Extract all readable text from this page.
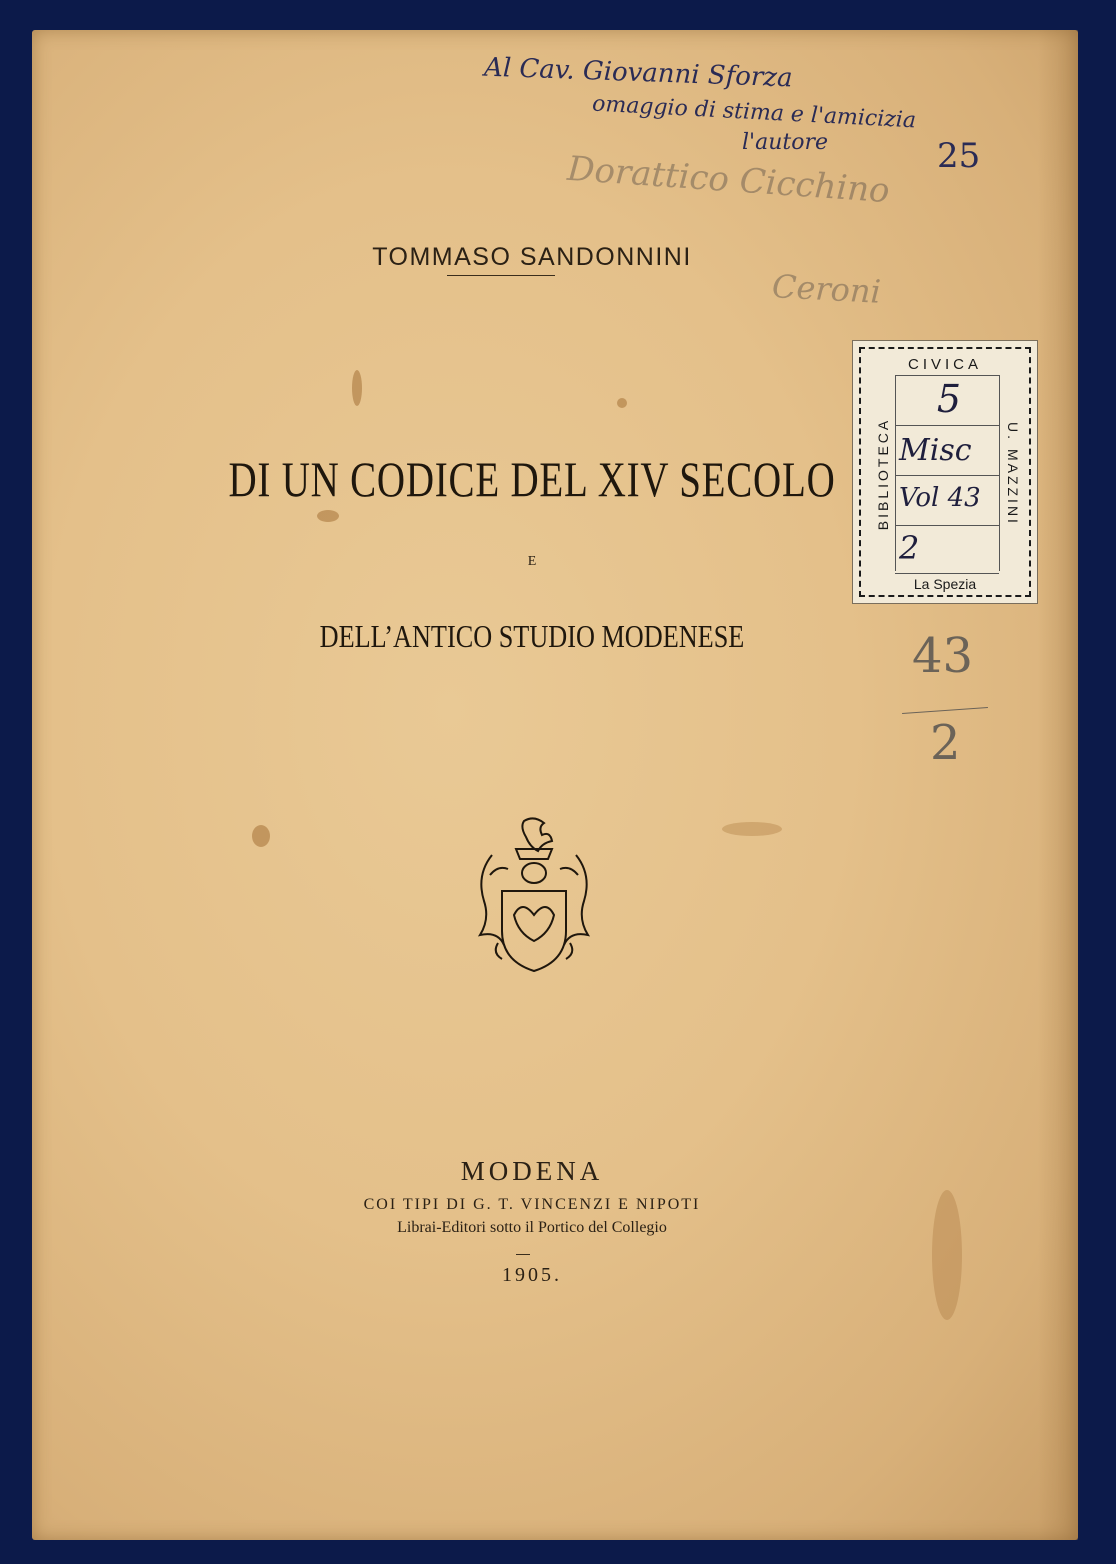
TOMMASO SANDONNINI
DI UN CODICE DEL XIV SECOLO
E
DELL’ANTICO STUDIO MODENESE
MODENA
COI TIPI DI G. T. VINCENZI E NIPOTI
Librai-Editori sotto il Portico del Collegio
1905.
Al Cav. Giovanni Sforza
omaggio di stima e l'amicizia
l'autore	25
Dorattico Cicchino
Ceroni
43
2
CIVICA
BIBLIOTECA	U. MAZZINI
5
Misc
Vol 43
2
La Spezia
